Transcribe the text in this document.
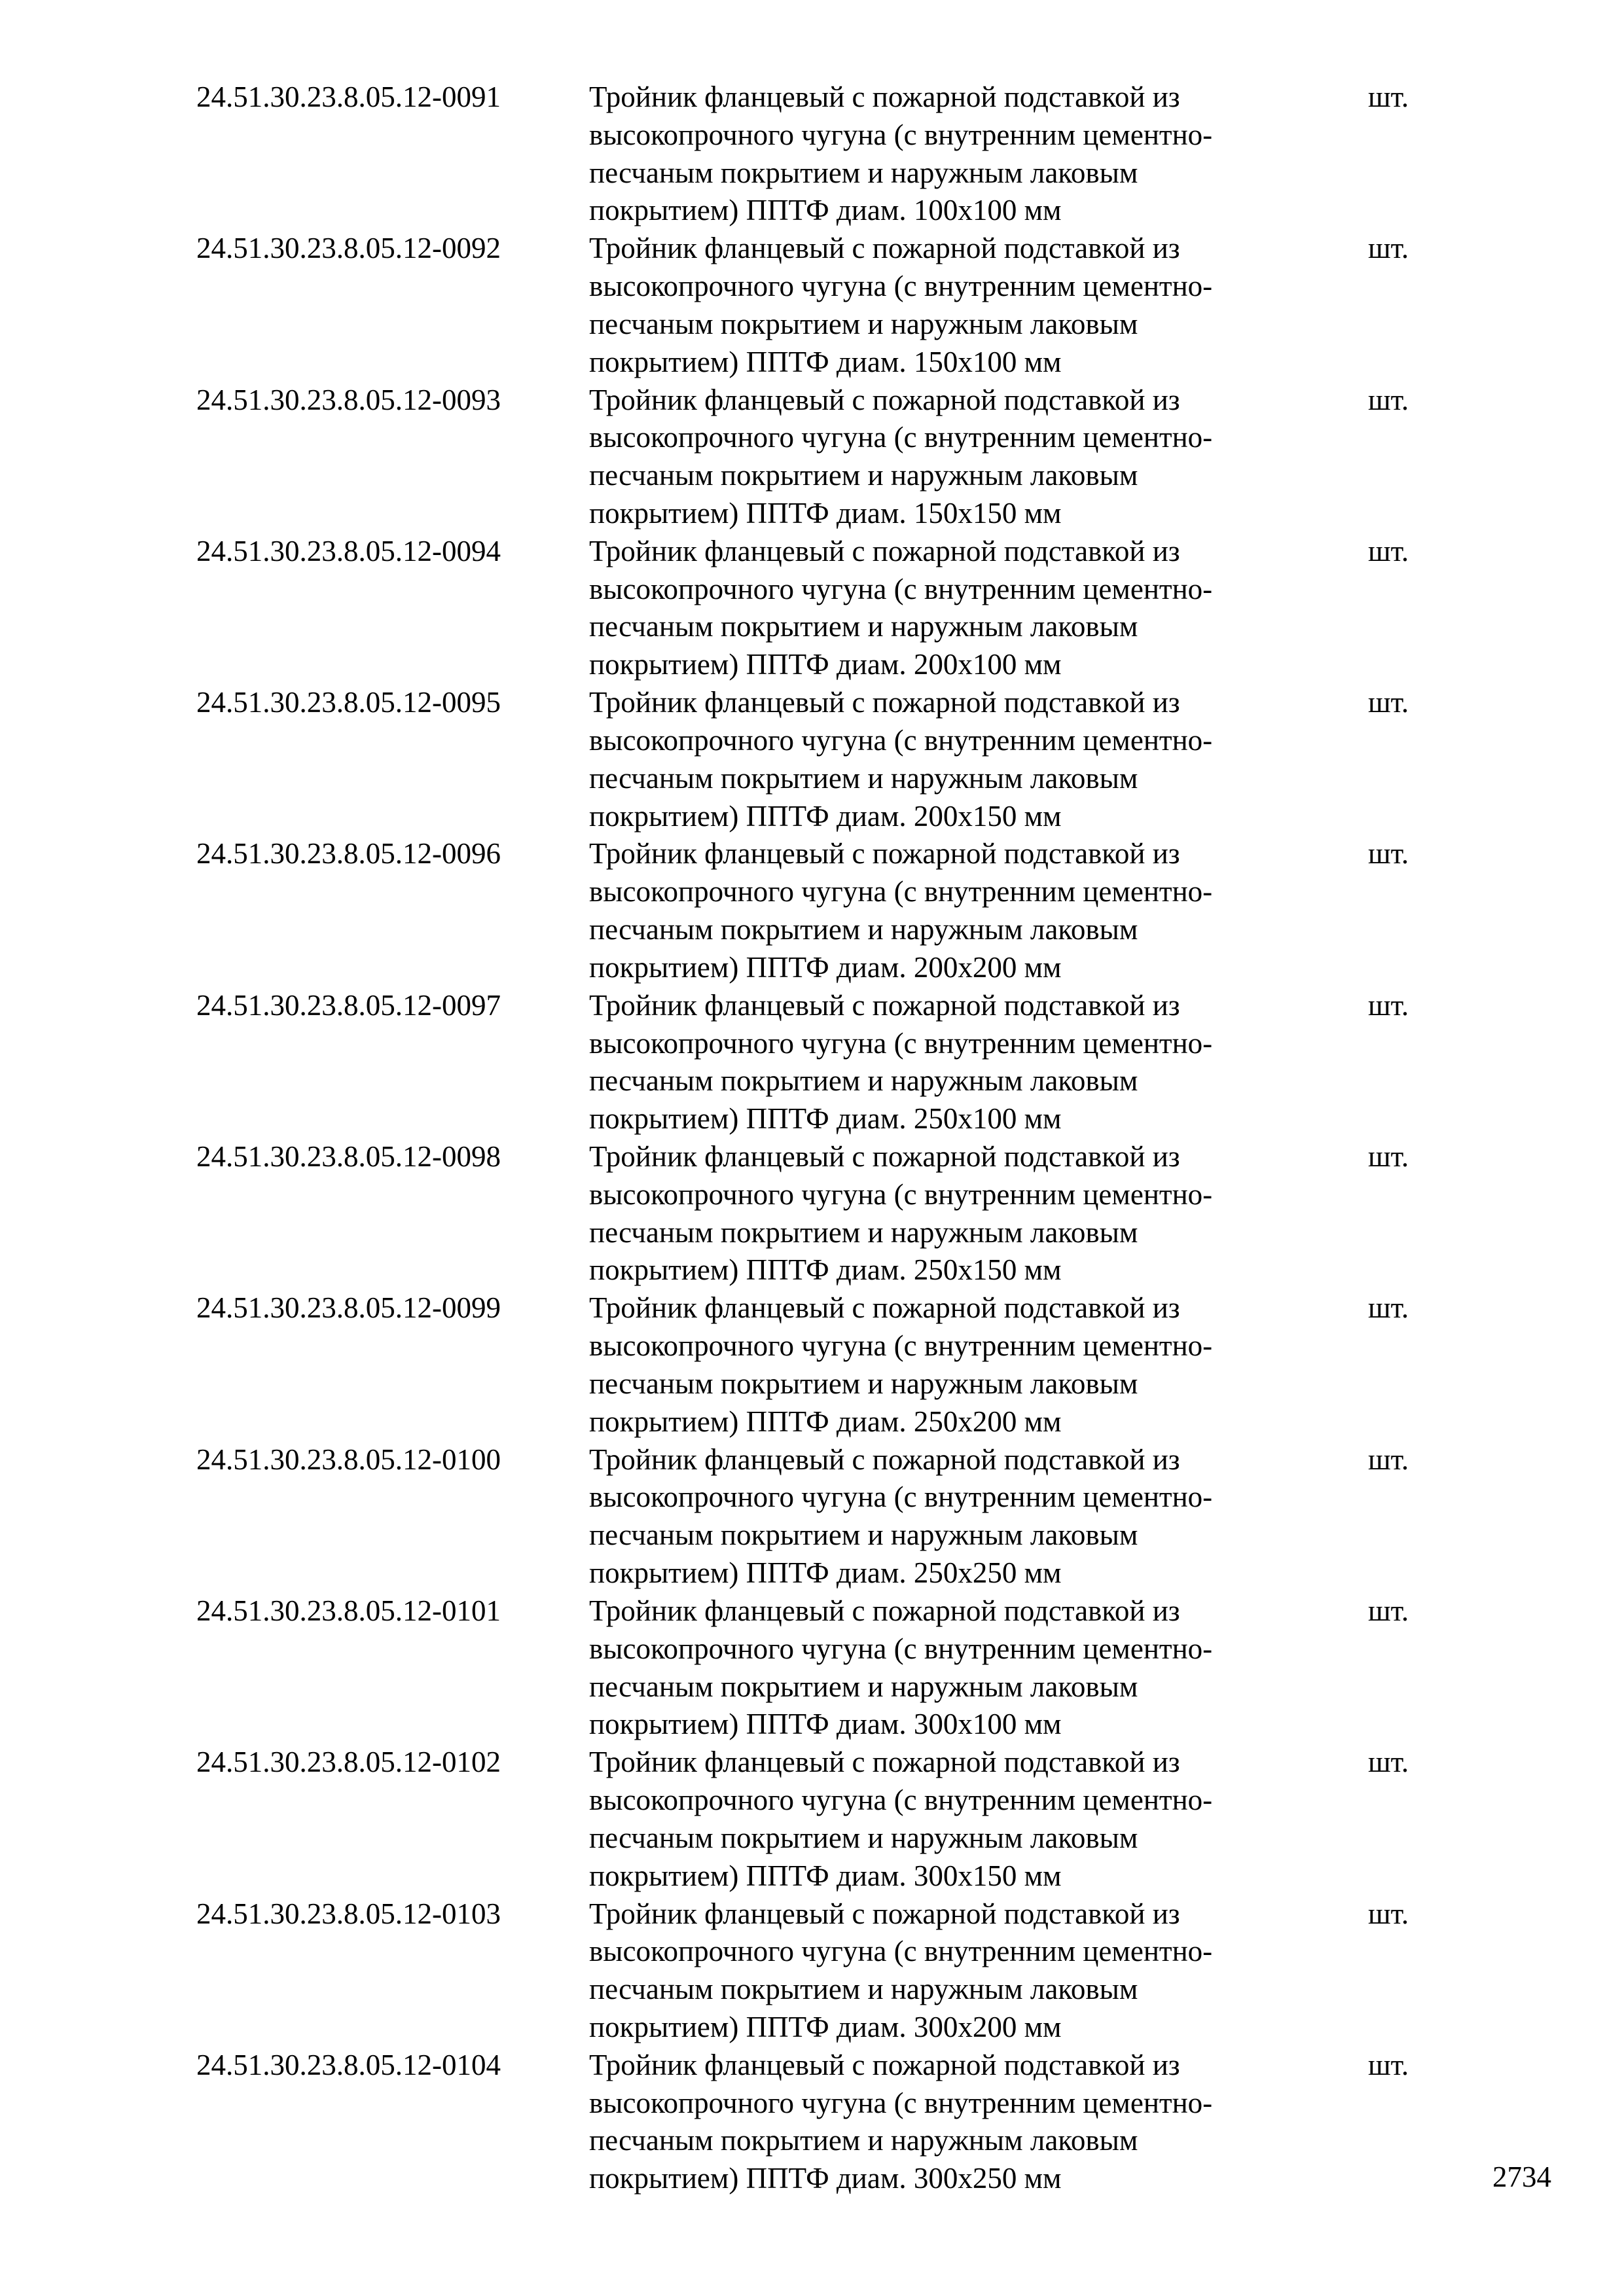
24.51.30.23.8.05.12-0091	Тройник фланцевый с пожарной подставкой из
высокопрочного чугуна (с внутренним цементно-
песчаным покрытием и наружным лаковым
покрытием) ППТФ диам. 100х100 мм
шт.
24.51.30.23.8.05.12-0092	Тройник фланцевый с пожарной подставкой из
высокопрочного чугуна (с внутренним цементно-
песчаным покрытием и наружным лаковым
покрытием) ППТФ диам. 150х100 мм
шт.
24.51.30.23.8.05.12-0093	Тройник фланцевый с пожарной подставкой из
высокопрочного чугуна (с внутренним цементно-
песчаным покрытием и наружным лаковым
покрытием) ППТФ диам. 150х150 мм
шт.
24.51.30.23.8.05.12-0094	Тройник фланцевый с пожарной подставкой из
высокопрочного чугуна (с внутренним цементно-
песчаным покрытием и наружным лаковым
покрытием) ППТФ диам. 200х100 мм
шт.
24.51.30.23.8.05.12-0095	Тройник фланцевый с пожарной подставкой из
высокопрочного чугуна (с внутренним цементно-
песчаным покрытием и наружным лаковым
покрытием) ППТФ диам. 200х150 мм
шт.
24.51.30.23.8.05.12-0096	Тройник фланцевый с пожарной подставкой из
высокопрочного чугуна (с внутренним цементно-
песчаным покрытием и наружным лаковым
покрытием) ППТФ диам. 200х200 мм
шт.
24.51.30.23.8.05.12-0097	Тройник фланцевый с пожарной подставкой из
высокопрочного чугуна (с внутренним цементно-
песчаным покрытием и наружным лаковым
покрытием) ППТФ диам. 250х100 мм
шт.
24.51.30.23.8.05.12-0098	Тройник фланцевый с пожарной подставкой из
высокопрочного чугуна (с внутренним цементно-
песчаным покрытием и наружным лаковым
покрытием) ППТФ диам. 250х150 мм
шт.
24.51.30.23.8.05.12-0099	Тройник фланцевый с пожарной подставкой из
высокопрочного чугуна (с внутренним цементно-
песчаным покрытием и наружным лаковым
покрытием) ППТФ диам. 250х200 мм
шт.
24.51.30.23.8.05.12-0100	Тройник фланцевый с пожарной подставкой из
высокопрочного чугуна (с внутренним цементно-
песчаным покрытием и наружным лаковым
покрытием) ППТФ диам. 250х250 мм
шт.
24.51.30.23.8.05.12-0101	Тройник фланцевый с пожарной подставкой из
высокопрочного чугуна (с внутренним цементно-
песчаным покрытием и наружным лаковым
покрытием) ППТФ диам. 300х100 мм
шт.
24.51.30.23.8.05.12-0102	Тройник фланцевый с пожарной подставкой из
высокопрочного чугуна (с внутренним цементно-
песчаным покрытием и наружным лаковым
покрытием) ППТФ диам. 300х150 мм
шт.
24.51.30.23.8.05.12-0103	Тройник фланцевый с пожарной подставкой из
высокопрочного чугуна (с внутренним цементно-
песчаным покрытием и наружным лаковым
покрытием) ППТФ диам. 300х200 мм
шт.
24.51.30.23.8.05.12-0104	Тройник фланцевый с пожарной подставкой из
высокопрочного чугуна (с внутренним цементно-
песчаным покрытием и наружным лаковым
покрытием) ППТФ диам. 300х250 мм
шт.
2734
